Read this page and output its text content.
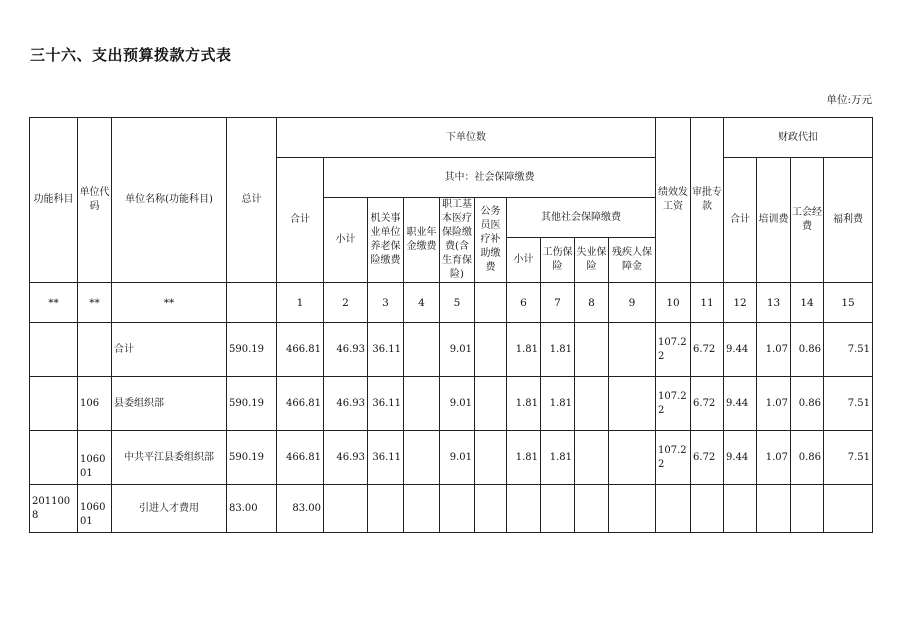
三十六、支出预算拨款方式表
单位:万元
功能科目	单位代码	单位名称(功能科目)	总计	下单位数										绩效发工资	审批专款	财政代扣			
				合计	其中：社会保障缴费											合计	培训费	工会经费	福利费
					小计	机关事业单位养老保险缴费	职业年金缴费	职工基本医疗保险缴费(含生育保险)	公务员医疗补助缴费	其他社会保障缴费									
										小计	工伤保险	失业保险	残疾人保障金						

**	**	**		1	2	3	4	5		6	7	8	9	10	11	12	13	14	15
		合计	590.19	466.81	46.93	36.11		9.01		1.81	1.81			107.22	6.72	9.44	1.07	0.86	7.51
	106	县委组织部	590.19	466.81	46.93	36.11		9.01		1.81	1.81			107.22	6.72	9.44	1.07	0.86	7.51
	106001	中共平江县委组织部	590.19	466.81	46.93	36.11		9.01		1.81	1.81			107.22	6.72	9.44	1.07	0.86	7.51
2011008	106001	引进人才费用	83.00	83.00															
